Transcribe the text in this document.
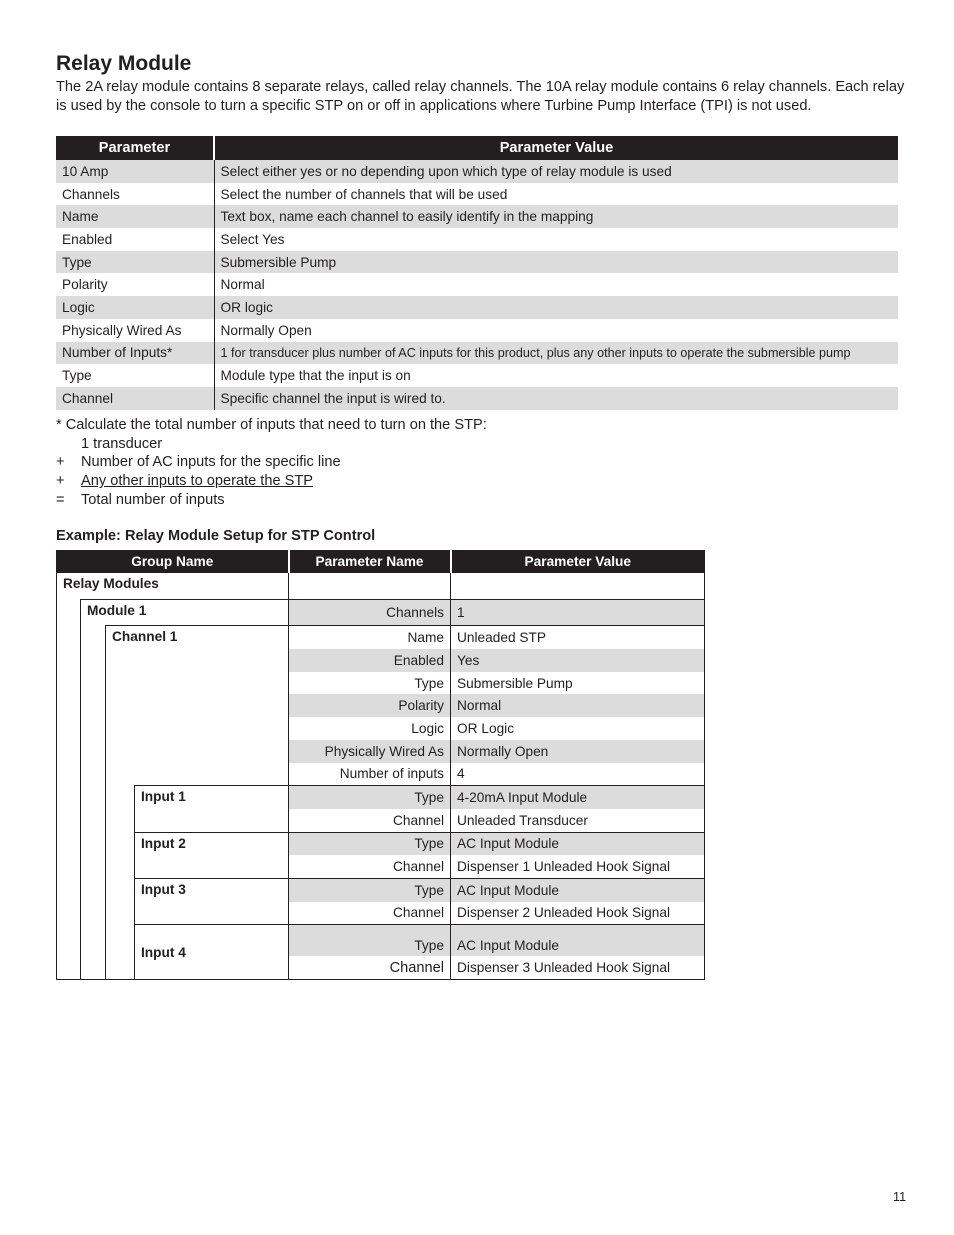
Relay Module

The 2A relay module contains 8 separate relays, called relay channels. The 10A relay module contains 6 relay channels. Each relay is used by the console to turn a specific STP on or off in applications where Turbine Pump Interface (TPI) is not used.

Parameter	Parameter Value
10 Amp	Select either yes or no depending upon which type of relay module is used
Channels	Select the number of channels that will be used
Name	Text box, name each channel to easily identify in the mapping
Enabled	Select Yes
Type	Submersible Pump
Polarity	Normal
Logic	OR logic
Physically Wired As	Normally Open
Number of Inputs*	1 for transducer plus number of AC inputs for this product, plus any other inputs to operate the submersible pump
Type	Module type that the input is on
Channel	Specific channel the input is wired to.

* Calculate the total number of inputs that need to turn on the STP:

1 transducer

+ Number of AC inputs for the specific line

+ Any other inputs to operate the STP

= Total number of inputs

Example: Relay Module Setup for STP Control
Group Name				Parameter Name	Parameter Value
Relay Modules					
	Module 1			Channels	1
		Channel 1		Name	Unleaded STP
				Enabled	Yes
				Type	Submersible Pump
				Polarity	Normal
				Logic	OR Logic
				Physically Wired As	Normally Open
				Number of inputs	4
			Input 1	Type	4-20mA Input Module
				Channel	Unleaded Transducer
			Input 2	Type	AC Input Module
				Channel	Dispenser 1 Unleaded Hook Signal
			Input 3	Type	AC Input Module
				Channel	Dispenser 2 Unleaded Hook Signal
			Input 4	Type	AC Input Module
				Channel	Dispenser 3 Unleaded Hook Signal
11
